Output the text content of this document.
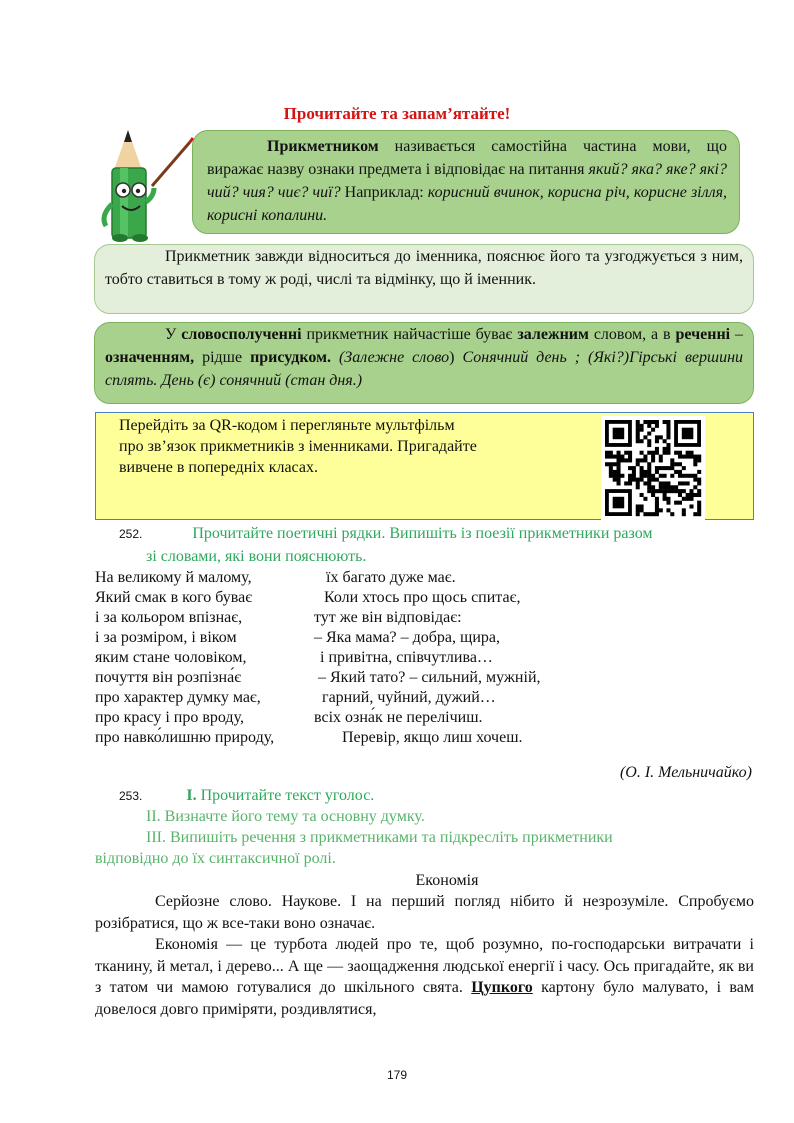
Прочитайте та запам’ятайте!
Прикметником називається самостійна частина мови, що виражає назву ознаки предмета і відповідає на питання який? яка? яке? які? чий? чия? чиє? чиї? Наприклад: корисний вчинок, корисна річ, корисне зілля, корисні копалини.
Прикметник завжди відноситься до іменника, пояснює його та узгоджується з ним, тобто ставиться в тому ж роді, числі та відмінку, що й іменник.
У словосполученні прикметник найчастіше буває залежним словом, а в реченні – означенням, рідше присудком. (Залежне слово) Сонячний день ; (Які?)Гірські вершини сплять. День (є) сонячний (стан дня.)
Перейдіть за QR-кодом і перегляньте мультфільм
про зв’язок прикметників з іменниками. Пригадайте
вивчене в попередніх класах.
252.	Прочитайте поетичні рядки. Випишіть із поезії прикметники разом
зі словами, які вони пояснюють.
На великому й малому,
Який смак в кого буває
і за кольором впізнає,
і за розміром, і віком
яким стане чоловіком,
почуття він розпізна́є
про характер думку має,
про красу і про вроду,
про навко́лишню природу,
їх багато дуже має.
Коли хтось про щось спитає,
тут же він відповідає:
– Яка мама? – добра, щира,
і привітна, співчутлива…
– Який тато? – сильний, мужній,
гарний, чуйний, дужий…
всіх озна́к не перелічиш.
Перевір, якщо лиш хочеш.
(О. І. Мельничайко)
253.	І. Прочитайте текст уголос.
ІІ. Визначте його тему та основну думку.
ІІІ. Випишіть речення з прикметниками та підкресліть прикметники
відповідно до їх синтаксичної ролі.
Економія
Серйозне слово. Наукове. І на перший погляд нібито й незрозуміле. Спробуємо розібратися, що ж все-таки воно означає.
Економія — це турбота людей про те, щоб розумно, по-господарськи витрачати і тканину, й метал, і дерево... А ще — заощадження людської енергії і часу. Ось пригадайте, як ви з татом чи мамою готувалися до шкільного свята. Цупкого картону було малувато, і вам довелося довго приміряти, роздивлятися,
179
